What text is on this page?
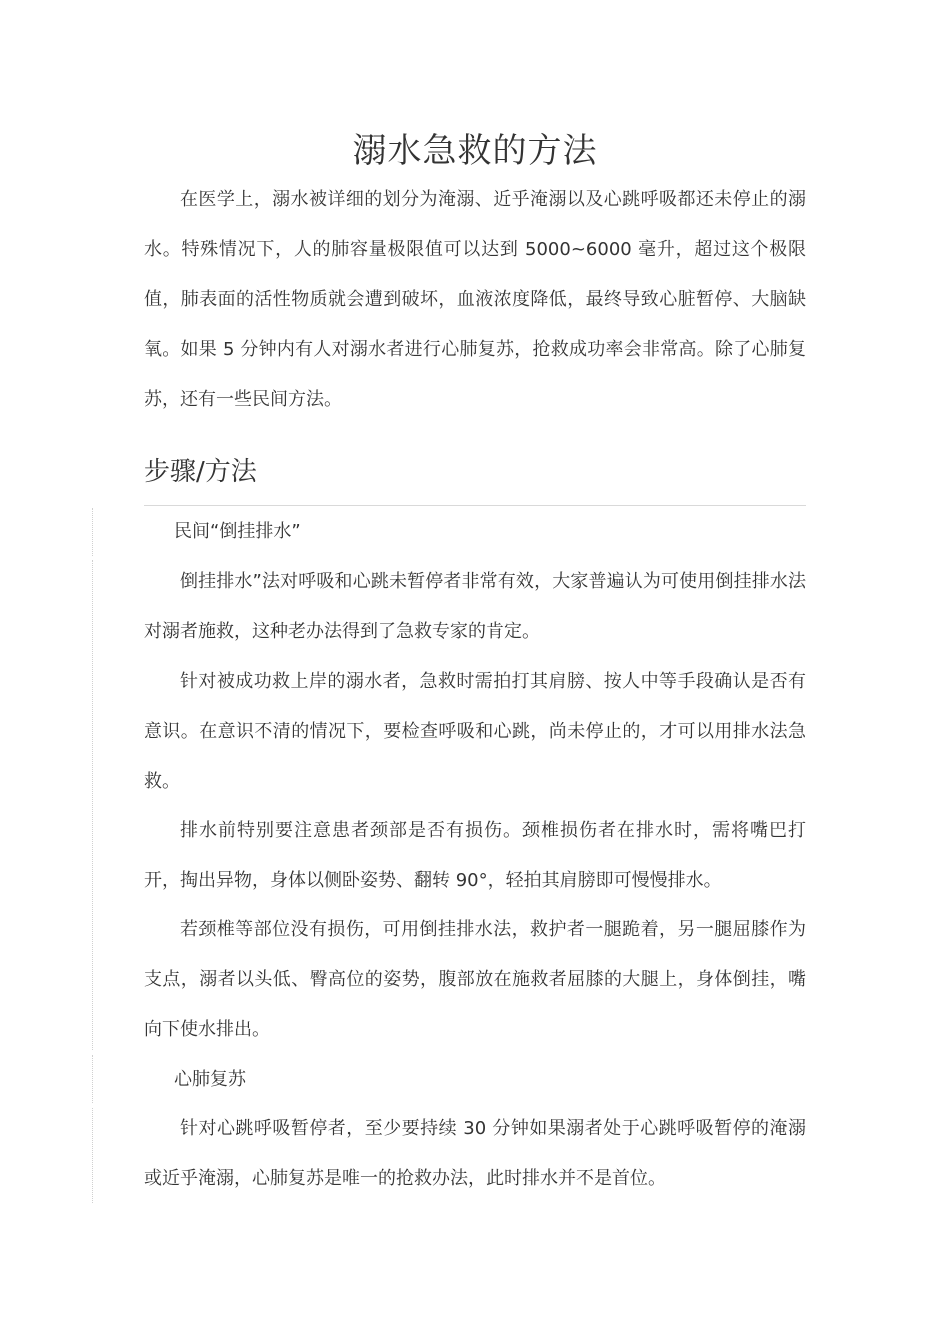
溺水急救的方法

在医学上，溺水被详细的划分为淹溺、近乎淹溺以及心跳呼吸都还未停止的溺水。特殊情况下，人的肺容量极限值可以达到 5000~6000 毫升，超过这个极限值，肺表面的活性物质就会遭到破坏，血液浓度降低，最终导致心脏暂停、大脑缺氧。如果 5 分钟内有人对溺水者进行心肺复苏，抢救成功率会非常高。除了心肺复苏，还有一些民间方法。

步骤/方法
民间“倒挂排水”

倒挂排水”法对呼吸和心跳未暂停者非常有效，大家普遍认为可使用倒挂排水法对溺者施救，这种老办法得到了急救专家的肯定。

针对被成功救上岸的溺水者，急救时需拍打其肩膀、按人中等手段确认是否有意识。在意识不清的情况下，要检查呼吸和心跳，尚未停止的，才可以用排水法急救。

排水前特别要注意患者颈部是否有损伤。颈椎损伤者在排水时，需将嘴巴打开，掏出异物，身体以侧卧姿势、翻转 90°，轻拍其肩膀即可慢慢排水。

若颈椎等部位没有损伤，可用倒挂排水法，救护者一腿跪着，另一腿屈膝作为支点，溺者以头低、臀高位的姿势，腹部放在施救者屈膝的大腿上，身体倒挂，嘴向下使水排出。

心肺复苏

针对心跳呼吸暂停者，至少要持续 30 分钟如果溺者处于心跳呼吸暂停的淹溺或近乎淹溺，心肺复苏是唯一的抢救办法，此时排水并不是首位。
